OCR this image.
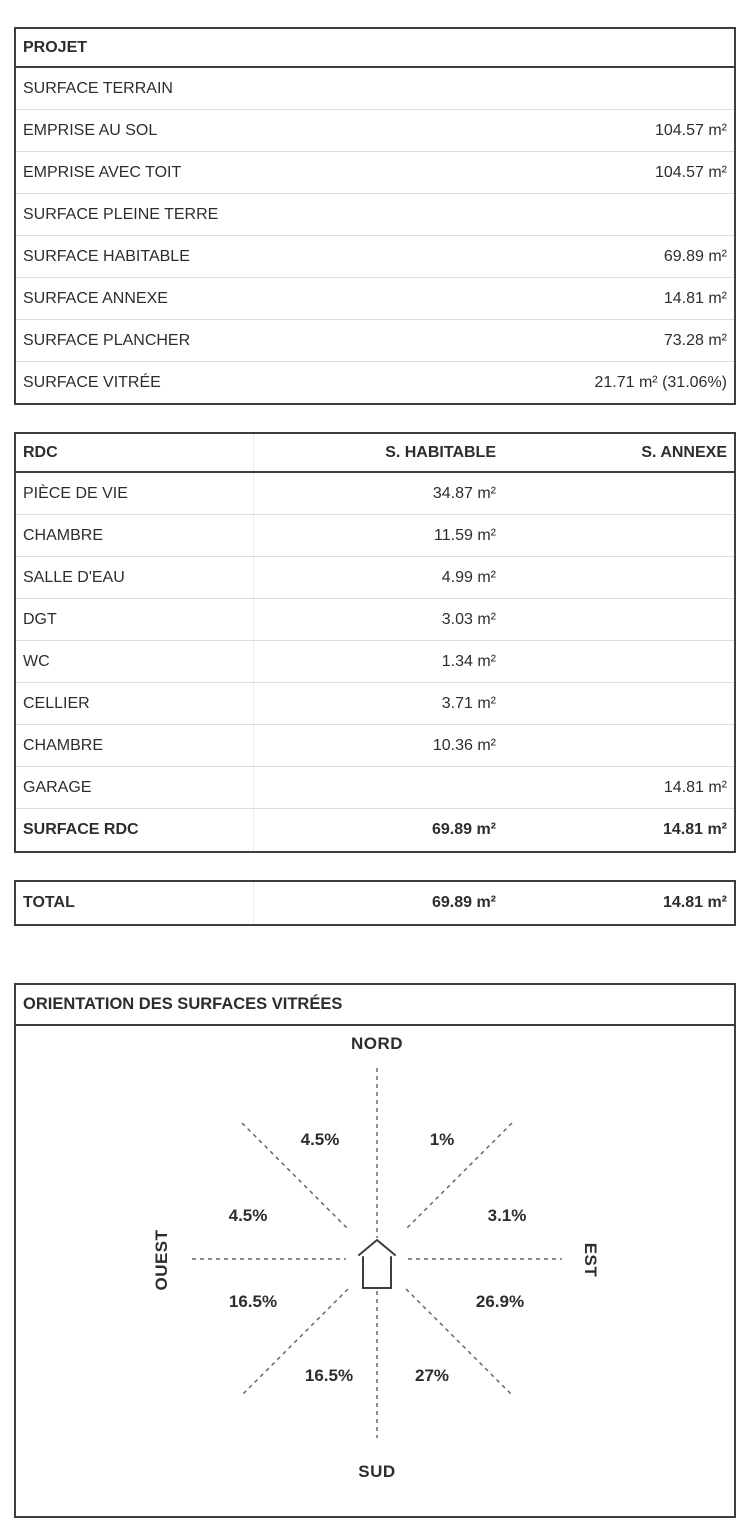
PROJET	
SURFACE TERRAIN	
EMPRISE AU SOL	104.57 m²
EMPRISE AVEC TOIT	104.57 m²
SURFACE PLEINE TERRE	
SURFACE HABITABLE	69.89 m²
SURFACE ANNEXE	14.81 m²
SURFACE PLANCHER	73.28 m²
SURFACE VITRÉE	21.71 m² (31.06%)
RDC	S. HABITABLE	S. ANNEXE
PIÈCE DE VIE	34.87 m²	
CHAMBRE	11.59 m²	
SALLE D'EAU	4.99 m²	
DGT	3.03 m²	
WC	1.34 m²	
CELLIER	3.71 m²	
CHAMBRE	10.36 m²	
GARAGE		14.81 m²
SURFACE RDC	69.89 m²	14.81 m²
TOTAL	69.89 m²	14.81 m²
ORIENTATION DES SURFACES VITRÉES
NORD
SUD
OUEST	EST
4.5%	1%
4.5%	3.1%
16.5%	26.9%
16.5%	27%
